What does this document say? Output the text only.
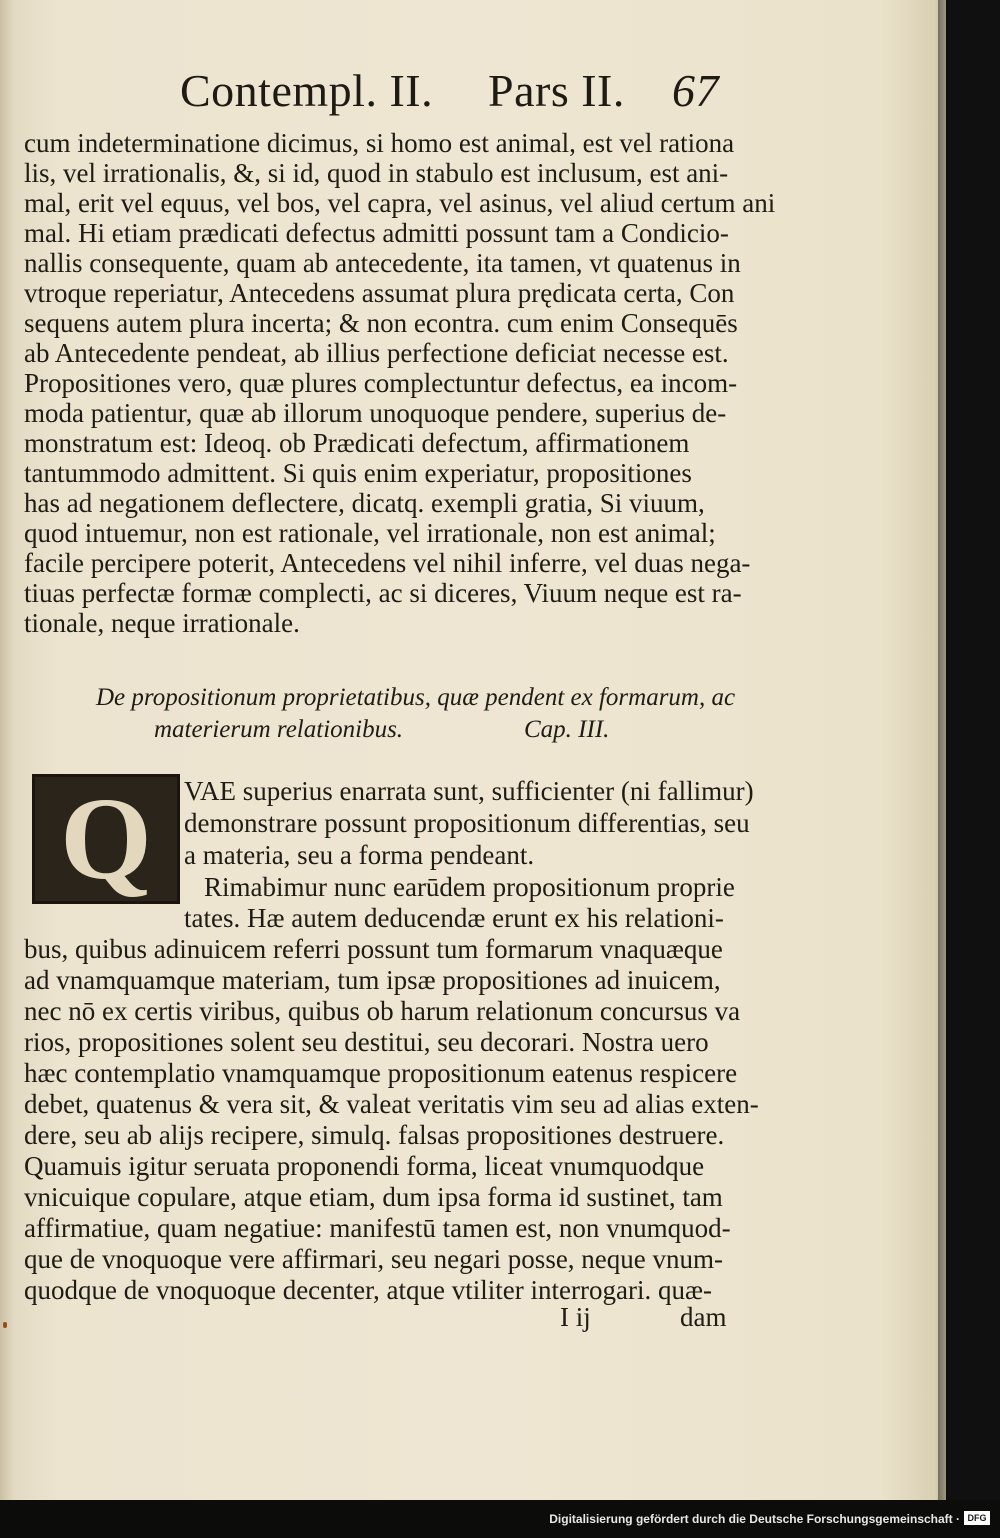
Contempl. II. Pars II. 67
cum indeterminatione dicimus, si homo est animal, est vel rationa
lis, vel irrationalis, &, si id, quod in stabulo est inclusum, est ani-
mal, erit vel equus, vel bos, vel capra, vel asinus, vel aliud certum ani
mal. Hi etiam prædicati defectus admitti possunt tam a Condicio-
nallis consequente, quam ab antecedente, ita tamen, vt quatenus in
vtroque reperiatur, Antecedens assumat plura prędicata certa, Con
sequens autem plura incerta; & non econtra. cum enim Consequēs
ab Antecedente pendeat, ab illius perfectione deficiat necesse est.
Propositiones vero, quæ plures complectuntur defectus, ea incom-
moda patientur, quæ ab illorum unoquoque pendere, superius de-
monstratum est: Ideoq. ob Prædicati defectum, affirmationem
tantummodo admittent. Si quis enim experiatur, propositiones
has ad negationem deflectere, dicatq. exempli gratia, Si viuum,
quod intuemur, non est rationale, vel irrationale, non est animal;
facile percipere poterit, Antecedens vel nihil inferre, vel duas nega-
tiuas perfectæ formæ complecti, ac si diceres, Viuum neque est ra-
tionale, neque irrationale.
De propositionum proprietatibus, quæ pendent ex formarum, ac
materierum relationibus.	Cap. III.
Q	VAE superius enarrata sunt, sufficienter (ni fallimur)
demonstrare possunt propositionum differentias, seu
a materia, seu a forma pendeant.
Rimabimur nunc earūdem propositionum proprie
tates. Hæ autem deducendæ erunt ex his relationi-
bus, quibus adinuicem referri possunt tum formarum vnaquæque
ad vnamquamque materiam, tum ipsæ propositiones ad inuicem,
nec nō ex certis viribus, quibus ob harum relationum concursus va
rios, propositiones solent seu destitui, seu decorari. Nostra uero
hæc contemplatio vnamquamque propositionum eatenus respicere
debet, quatenus & vera sit, & valeat veritatis vim seu ad alias exten-
dere, seu ab alijs recipere, simulq. falsas propositiones destruere.
Quamuis igitur seruata proponendi forma, liceat vnumquodque
vnicuique copulare, atque etiam, dum ipsa forma id sustinet, tam
affirmatiue, quam negatiue: manifestū tamen est, non vnumquod-
que de vnoquoque vere affirmari, seu negari posse, neque vnum-
quodque de vnoquoque decenter, atque vtiliter interrogari. quæ-
I ij	dam
Digitalisierung gefördert durch die Deutsche Forschungsgemeinschaft · DFG
